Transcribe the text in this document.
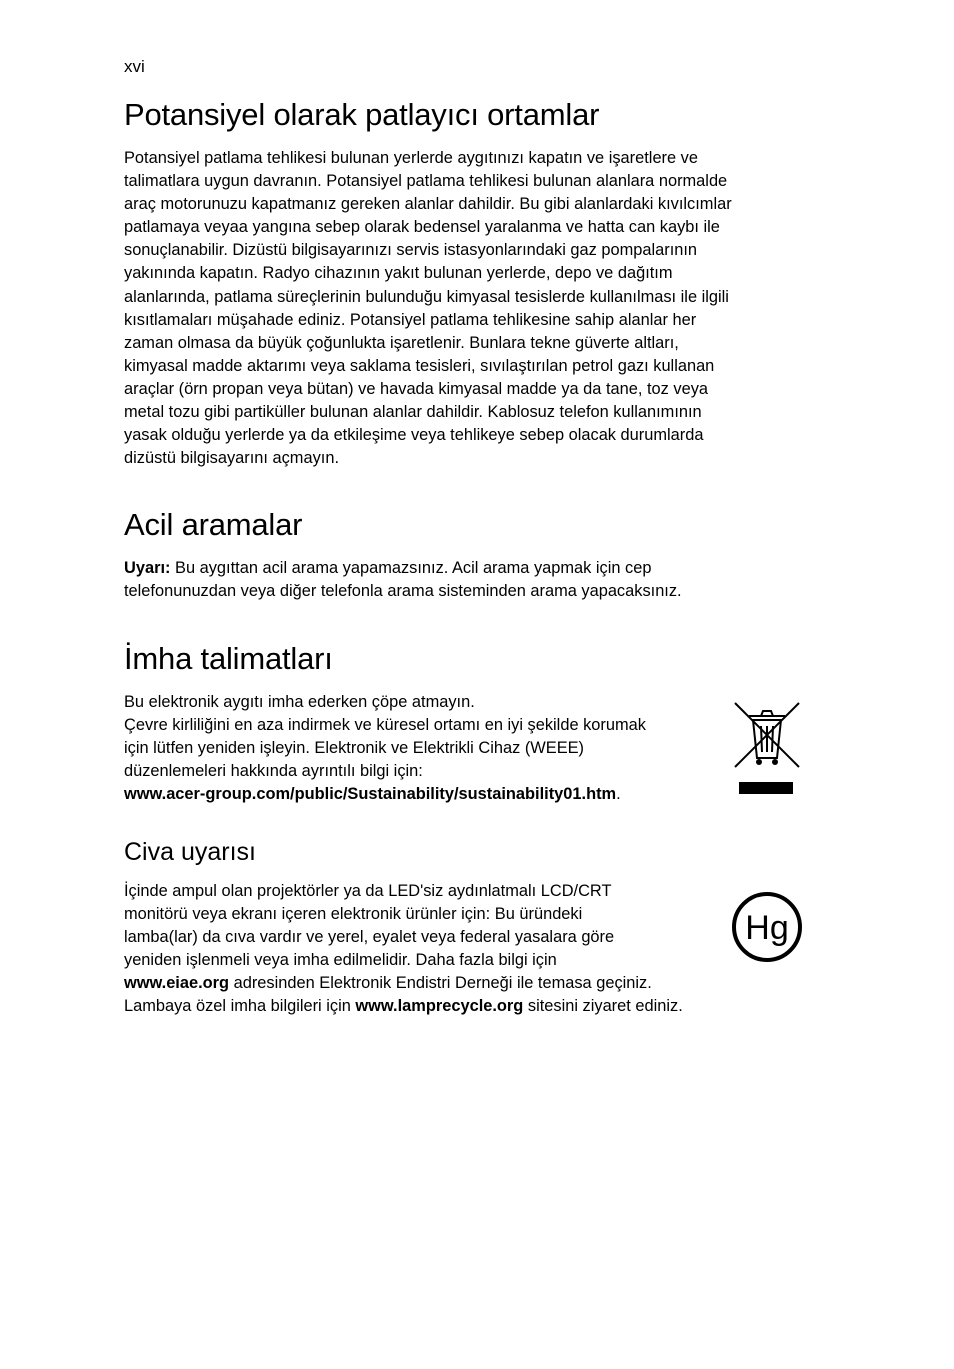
xvi
Potansiyel olarak patlayıcı ortamlar
Potansiyel patlama tehlikesi bulunan yerlerde aygıtınızı kapatın ve işaretlere ve
talimatlara uygun davranın. Potansiyel patlama tehlikesi bulunan alanlara normalde
araç motorunuzu kapatmanız gereken alanlar dahildir. Bu gibi alanlardaki kıvılcımlar
patlamaya veyaa yangına sebep olarak bedensel yaralanma ve hatta can kaybı ile
sonuçlanabilir. Dizüstü bilgisayarınızı servis istasyonlarındaki gaz pompalarının
yakınında kapatın. Radyo cihazının yakıt bulunan yerlerde, depo ve dağıtım
alanlarında, patlama süreçlerinin bulunduğu kimyasal tesislerde kullanılması ile ilgili
kısıtlamaları müşahade ediniz. Potansiyel patlama tehlikesine sahip alanlar her
zaman olmasa da büyük çoğunlukta işaretlenir. Bunlara tekne güverte altları,
kimyasal madde aktarımı veya saklama tesisleri, sıvılaştırılan petrol gazı kullanan
araçlar (örn propan veya bütan) ve havada kimyasal madde ya da tane, toz veya
metal tozu gibi partiküller bulunan alanlar dahildir. Kablosuz telefon kullanımının
yasak olduğu yerlerde ya da etkileşime veya tehlikeye sebep olacak durumlarda
dizüstü bilgisayarını açmayın.
Acil aramalar
Uyarı: Bu aygıttan acil arama yapamazsınız. Acil arama yapmak için cep
telefonunuzdan veya diğer telefonla arama sisteminden arama yapacaksınız.
İmha talimatları
Bu elektronik aygıtı imha ederken çöpe atmayın.
Çevre kirliliğini en aza indirmek ve küresel ortamı en iyi şekilde korumak
için lütfen yeniden işleyin. Elektronik ve Elektrikli Cihaz (WEEE)
düzenlemeleri hakkında ayrıntılı bilgi için:
www.acer-group.com/public/Sustainability/sustainability01.htm.
Civa uyarısı
İçinde ampul olan projektörler ya da LED'siz aydınlatmalı LCD/CRT
monitörü veya ekranı içeren elektronik ürünler için: Bu üründeki
lamba(lar) da cıva vardır ve yerel, eyalet veya federal yasalara göre
yeniden işlenmeli veya imha edilmelidir. Daha fazla bilgi için
www.eiae.org adresinden Elektronik Endistri Derneği ile temasa geçiniz.
Lambaya özel imha bilgileri için www.lamprecycle.org sitesini ziyaret ediniz.
Hg
